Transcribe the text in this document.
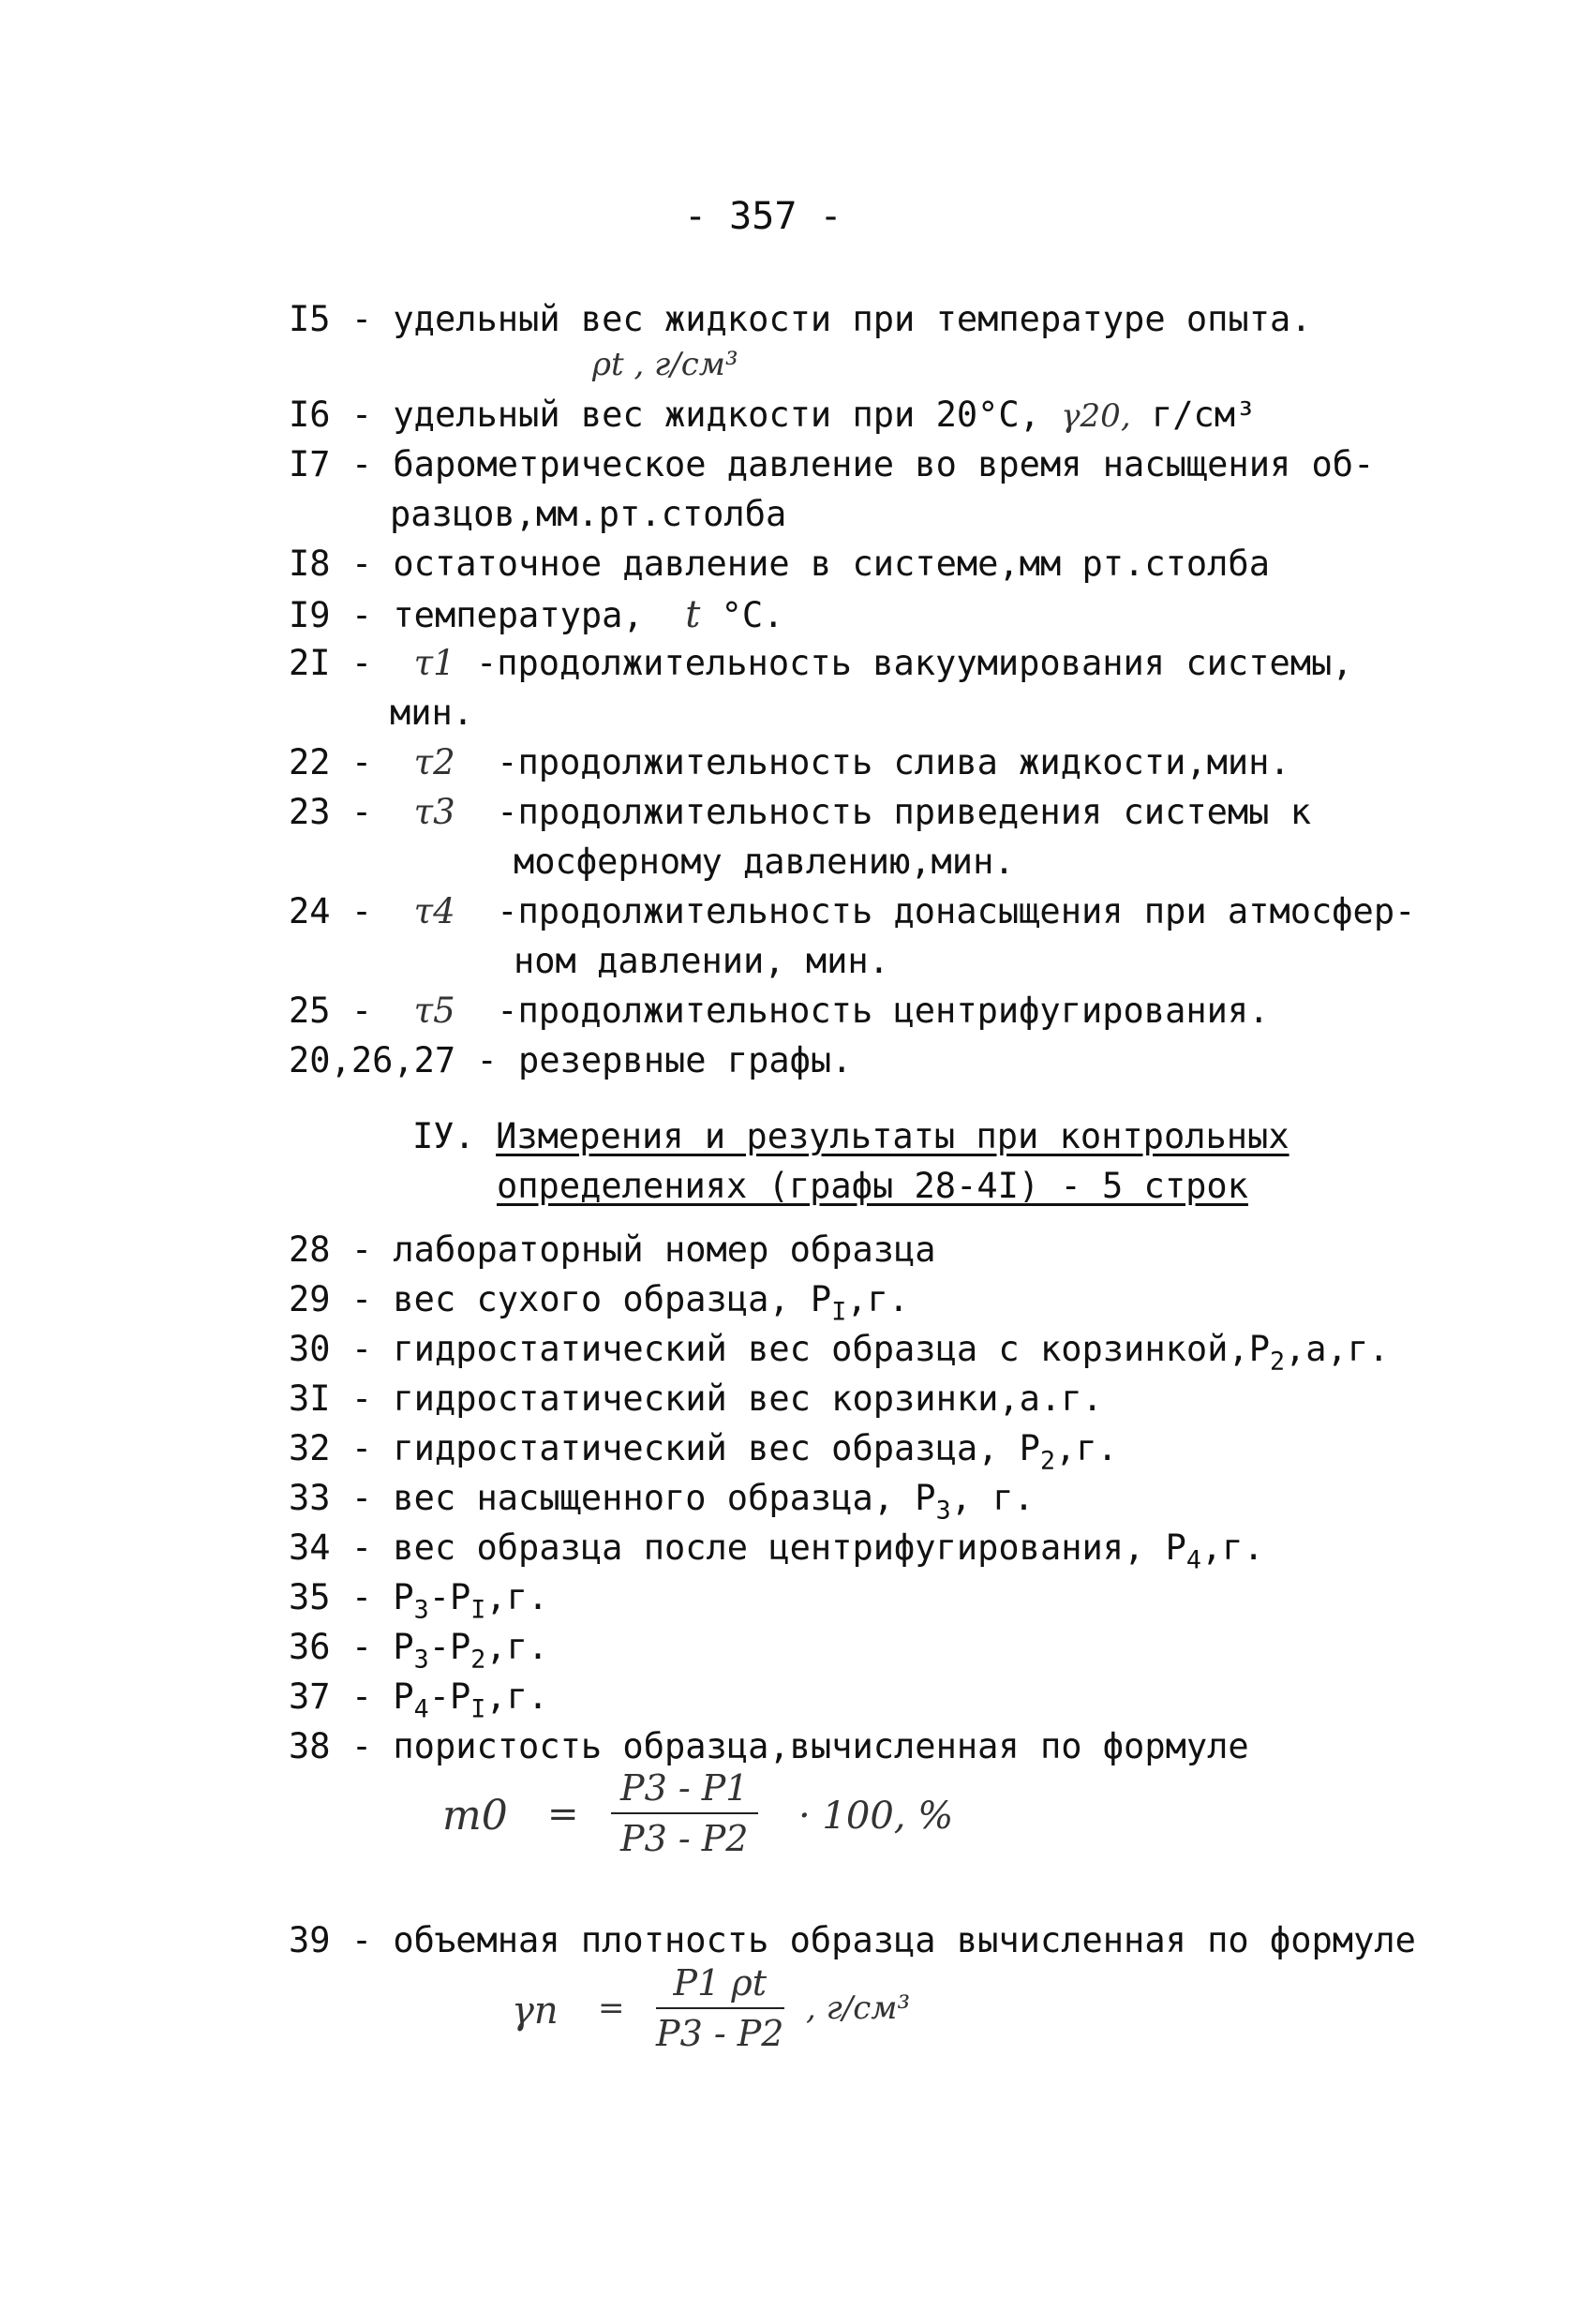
- 357 -
I5 - удельный вес жидкости при температуре опыта.
ρt , г/см³
I6 - удельный вес жидкости при 20°C, γ20, г/см³
I7 - барометрическое давление во время насыщения об-
разцов,мм.рт.столба
I8 - остаточное давление в системе,мм рт.столба
I9 - температура, t °C.
2I -  τ1 -продолжительность вакуумирования системы,
мин.
22 -  τ2 -продолжительность слива жидкости,мин.
23 -  τ3 -продолжительность приведения системы к
мосферному давлению,мин.
24 -  τ4 -продолжительность донасыщения при атмосфер-
ном давлении, мин.
25 -  τ5 -продолжительность центрифугирования.
20,26,27 - резервные графы.
IУ. Измерения и результаты при контрольных
определениях (графы 28-4I) - 5 строк
28 - лабораторный номер образца
29 - вес сухого образца, $P_I,г$.
30 - гидростатический вес образца с $корзинкой,P_2,а,г$.
3I - гидростатический вес корзинки,а.г.
32 - гидростатический вес образца, $P_2,г$.
33 - вес насыщенного образца, $P_3$, г.
34 - вес образца после центрифугирования, $P_4,г$.
$35 - P_3-P_I,г$.
$36 - P_3-P_2,г$.
$37 - P_4-P_I,г$.
38 - пористость образца,вычисленная по формуле
$m0 = \frac{P3 - P1}{P3 - P2} \cdot 100$, %
39 - объемная плотность образца вычисленная по формуле
$\gamma n = \frac{P1 \rho t}{P3 - P2}$ , г/см³
